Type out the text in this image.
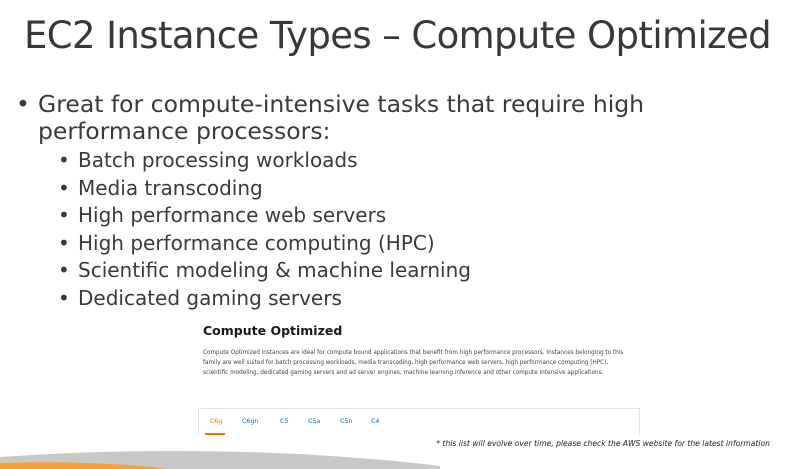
EC2 Instance Types – Compute Optimized
• Great for compute-intensive tasks that require high performance processors:
• Batch processing workloads
• Media transcoding
• High performance web servers
• High performance computing (HPC)
• Scientific modeling & machine learning
• Dedicated gaming servers
Compute Optimized
Compute Optimized instances are ideal for compute bound applications that benefit from high performance processors. Instances belonging to this family are well suited for batch processing workloads, media transcoding, high performance web servers, high performance computing (HPC), scientific modeling, dedicated gaming servers and ad server engines, machine learning inference and other compute intensive applications.
C6g	C6gn	C5	C5a	C5n	C4
* this list will evolve over time, please check the AWS website for the latest information
